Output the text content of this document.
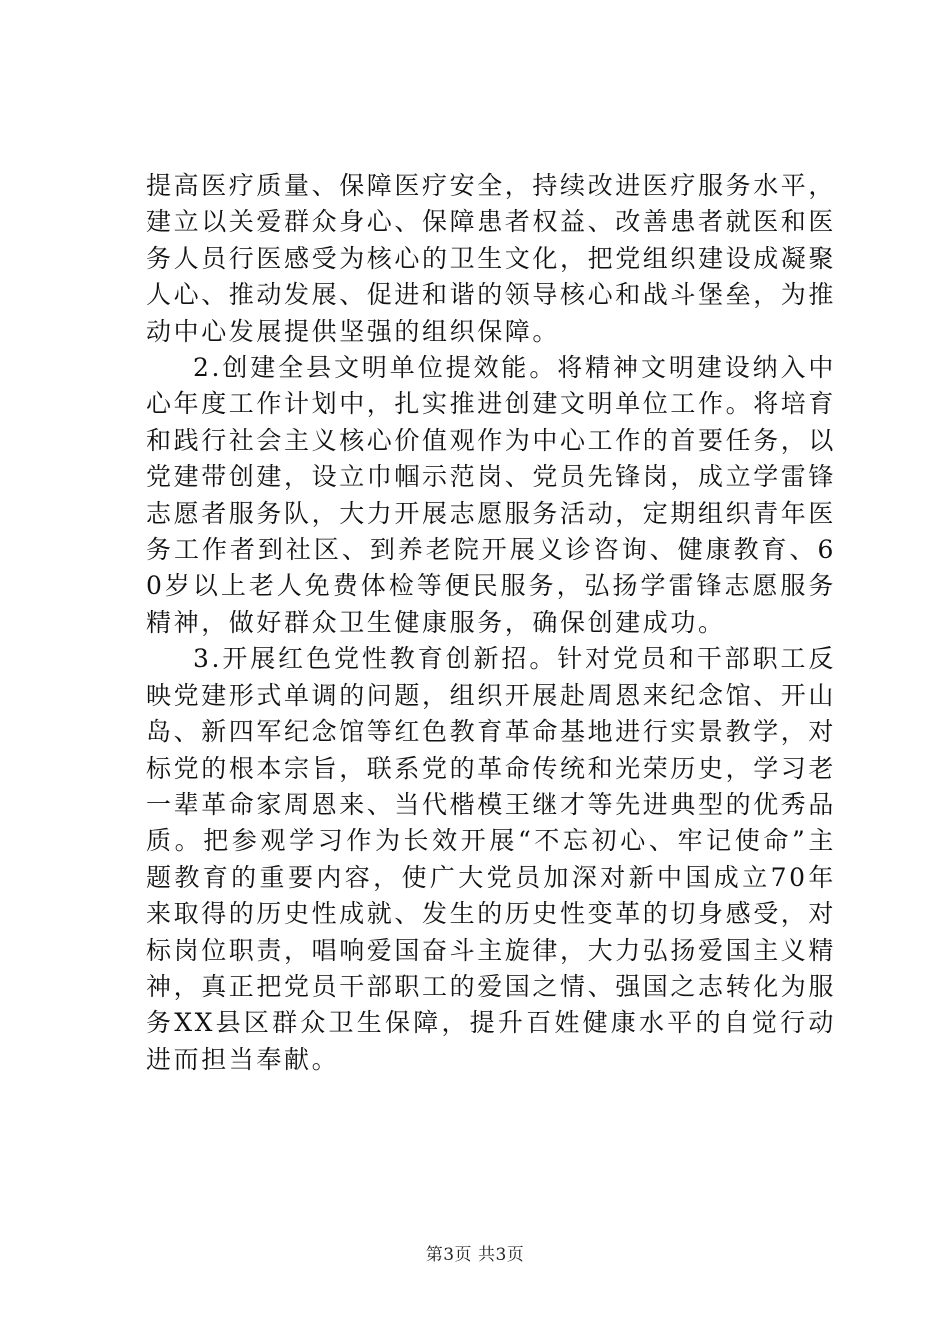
提高医疗质量、保障医疗安全，持续改进医疗服务水平，建立以关爱群众身心、保障患者权益、改善患者就医和医务人员行医感受为核心的卫生文化，把党组织建设成凝聚人心、推动发展、促进和谐的领导核心和战斗堡垒，为推动中心发展提供坚强的组织保障。

2.创建全县文明单位提效能。将精神文明建设纳入中心年度工作计划中，扎实推进创建文明单位工作。将培育和践行社会主义核心价值观作为中心工作的首要任务，以党建带创建，设立巾帼示范岗、党员先锋岗，成立学雷锋志愿者服务队，大力开展志愿服务活动，定期组织青年医务工作者到社区、到养老院开展义诊咨询、健康教育、60岁以上老人免费体检等便民服务，弘扬学雷锋志愿服务精神，做好群众卫生健康服务，确保创建成功。

3.开展红色党性教育创新招。针对党员和干部职工反映党建形式单调的问题，组织开展赴周恩来纪念馆、开山岛、新四军纪念馆等红色教育革命基地进行实景教学，对标党的根本宗旨，联系党的革命传统和光荣历史，学习老一辈革命家周恩来、当代楷模王继才等先进典型的优秀品质。把参观学习作为长效开展“不忘初心、牢记使命”主题教育的重要内容，使广大党员加深对新中国成立70年来取得的历史性成就、发生的历史性变革的切身感受，对标岗位职责，唱响爱国奋斗主旋律，大力弘扬爱国主义精神，真正把党员干部职工的爱国之情、强国之志转化为服务XX县区群众卫生保障，提升百姓健康水平的自觉行动进而担当奉献。

第3页 共3页
